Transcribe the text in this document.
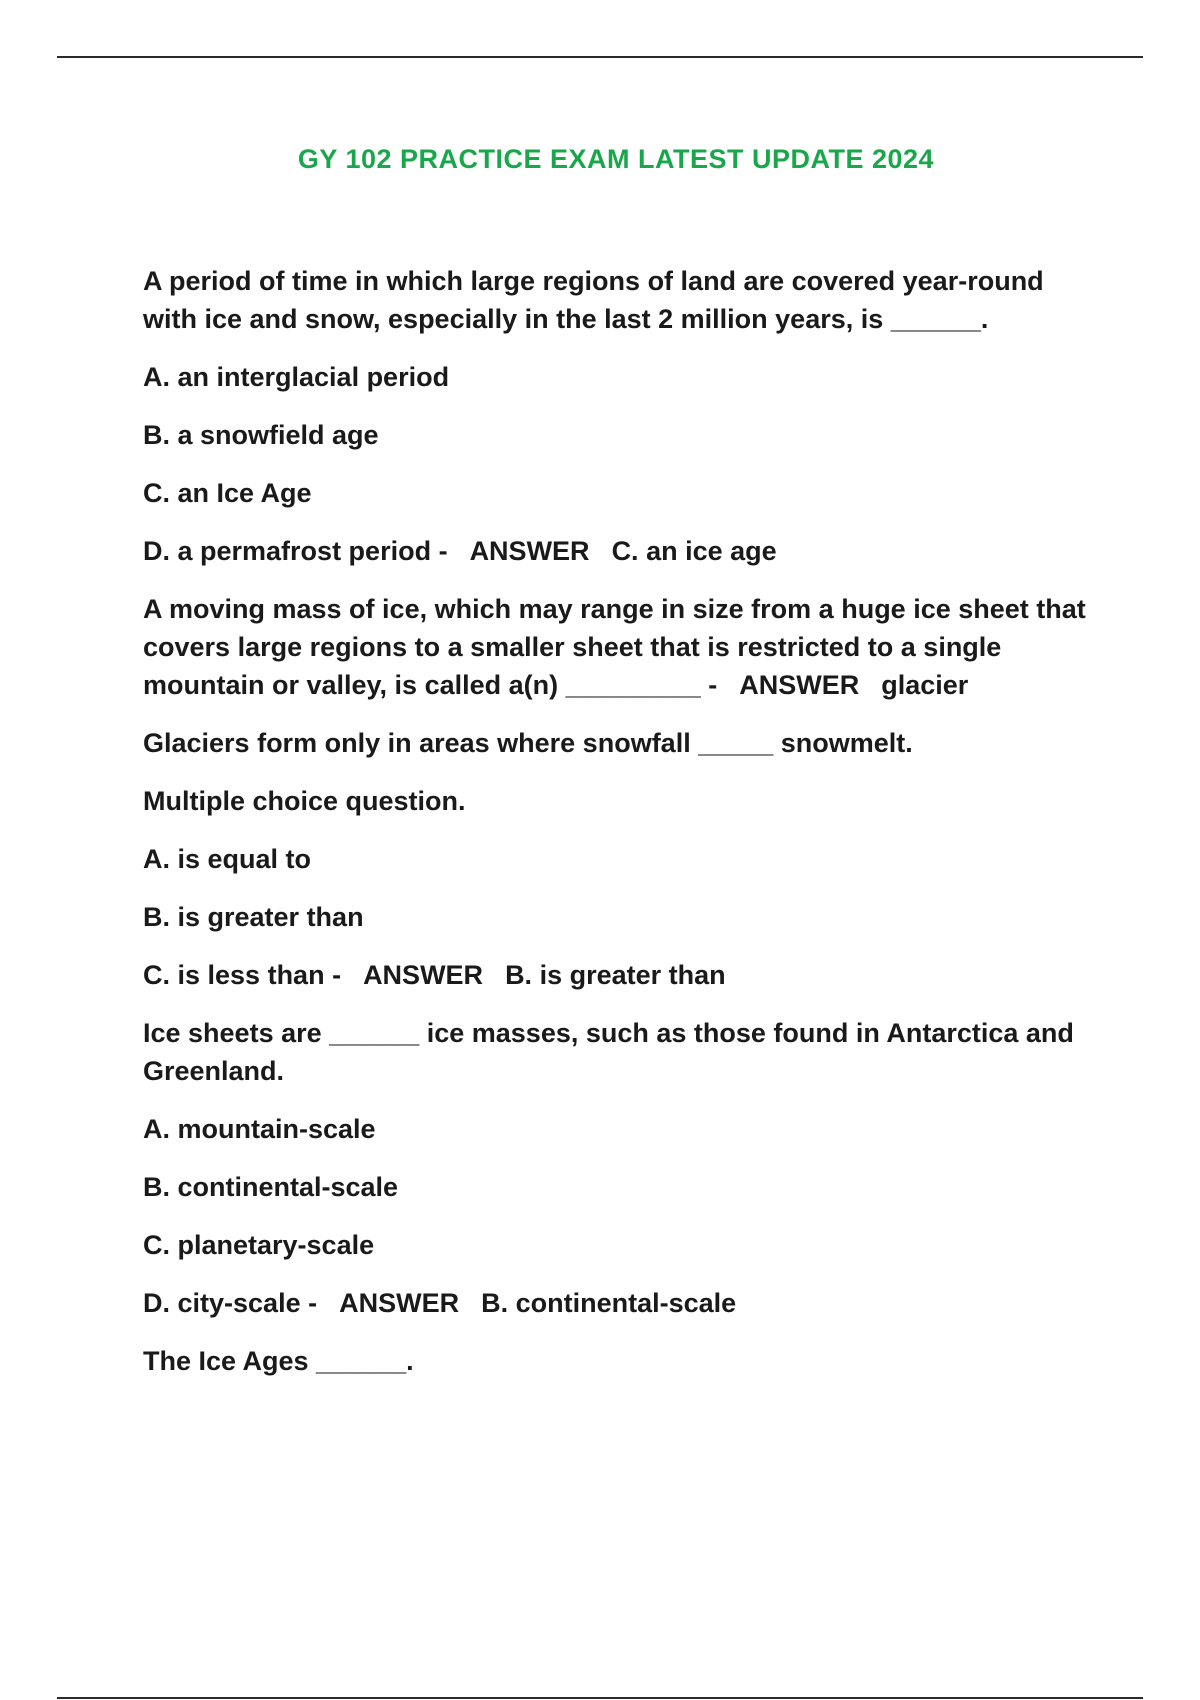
GY 102 PRACTICE EXAM LATEST UPDATE 2024

A period of time in which large regions of land are covered year-round with ice and snow, especially in the last 2 million years, is ______.

A. an interglacial period

B. a snowfield age

C. an Ice Age

D. a permafrost period - ANSWER C. an ice age

A moving mass of ice, which may range in size from a huge ice sheet that covers large regions to a smaller sheet that is restricted to a single mountain or valley, is called a(n) _________ - ANSWER glacier

Glaciers form only in areas where snowfall _____ snowmelt.

Multiple choice question.

A. is equal to

B. is greater than

C. is less than - ANSWER B. is greater than

Ice sheets are ______ ice masses, such as those found in Antarctica and Greenland.

A. mountain-scale

B. continental-scale

C. planetary-scale

D. city-scale - ANSWER B. continental-scale

The Ice Ages ______.
